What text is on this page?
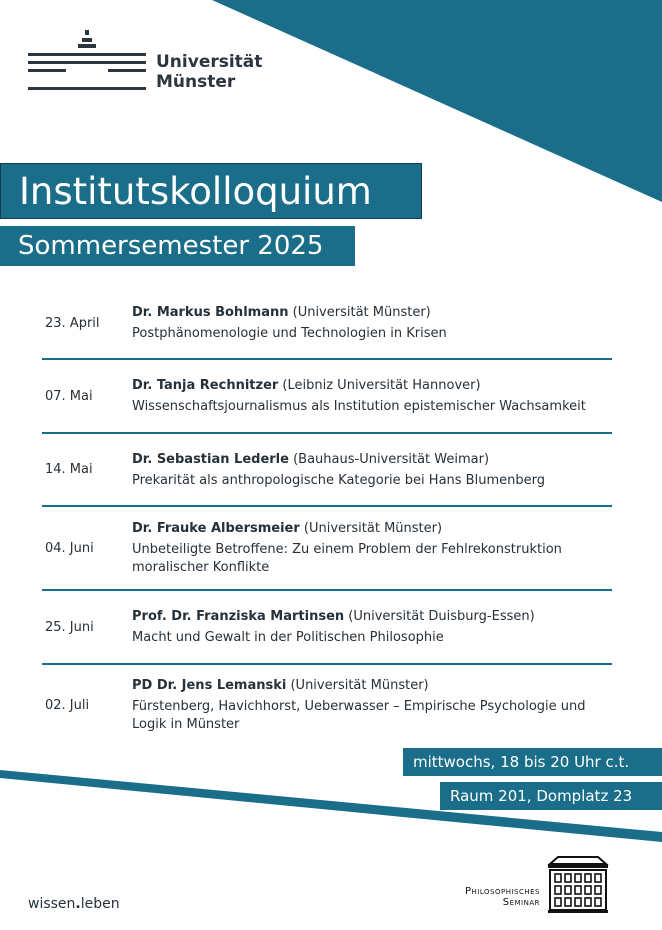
Universität
Münster
Institutskolloquium
Sommersemester 2025
23. April
Dr. Markus Bohlmann (Universität Münster)
Postphänomenologie und Technologien in Krisen
07. Mai
Dr. Tanja Rechnitzer (Leibniz Universität Hannover)
Wissenschaftsjournalismus als Institution epistemischer Wachsamkeit
14. Mai
Dr. Sebastian Lederle (Bauhaus-Universität Weimar)
Prekarität als anthropologische Kategorie bei Hans Blumenberg
04. Juni
Dr. Frauke Albersmeier (Universität Münster)
Unbeteiligte Betroffene: Zu einem Problem der Fehlrekonstruktion moralischer Konflikte
25. Juni
Prof. Dr. Franziska Martinsen (Universität Duisburg-Essen)
Macht und Gewalt in der Politischen Philosophie
02. Juli
PD Dr. Jens Lemanski (Universität Münster)
Fürstenberg, Havichhorst, Ueberwasser – Empirische Psychologie und Logik in Münster
mittwochs, 18 bis 20 Uhr c.t.
Raum 201, Domplatz 23
wissen.leben
Philosophisches
Seminar
